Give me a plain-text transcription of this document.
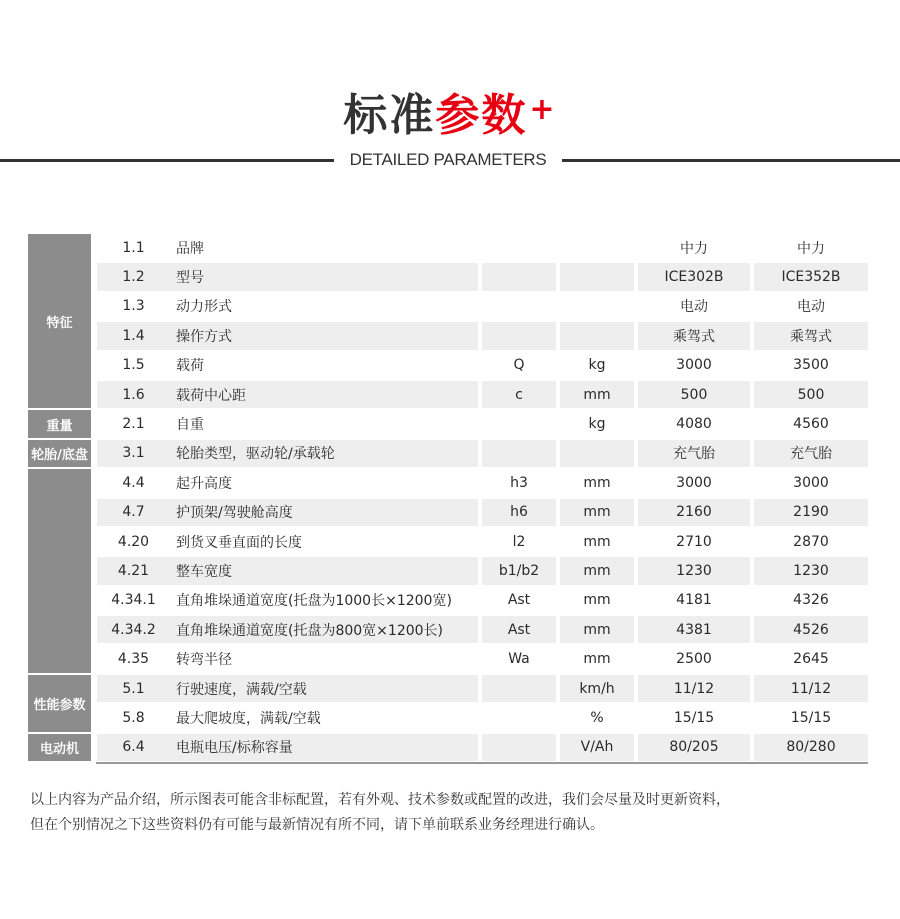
标准参数+
DETAILED PARAMETERS
特征	1.1	品牌			中力	中力
	1.2	型号			ICE302B	ICE352B
	1.3	动力形式			电动	电动
	1.4	操作方式			乘驾式	乘驾式
	1.5	载荷	Q	kg	3000	3500
	1.6	载荷中心距	c	mm	500	500
重量	2.1	自重		kg	4080	4560
轮胎/底盘	3.1	轮胎类型，驱动轮/承载轮			充气胎	充气胎
	4.4	起升高度	h3	mm	3000	3000
	4.7	护顶架/驾驶舱高度	h6	mm	2160	2190
	4.20	到货叉垂直面的长度	l2	mm	2710	2870
	4.21	整车宽度	b1/b2	mm	1230	1230
	4.34.1	直角堆垛通道宽度(托盘为1000长×1200宽)	Ast	mm	4181	4326
	4.34.2	直角堆垛通道宽度(托盘为800宽×1200长)	Ast	mm	4381	4526
	4.35	转弯半径	Wa	mm	2500	2645
性能参数	5.1	行驶速度，满载/空载		km/h	11/12	11/12
	5.8	最大爬坡度，满载/空载		%	15/15	15/15
电动机	6.4	电瓶电压/标称容量		V/Ah	80/205	80/280
以上内容为产品介绍，所示图表可能含非标配置，若有外观、技术参数或配置的改进，我们会尽量及时更新资料，
但在个别情况之下这些资料仍有可能与最新情况有所不同，请下单前联系业务经理进行确认。
